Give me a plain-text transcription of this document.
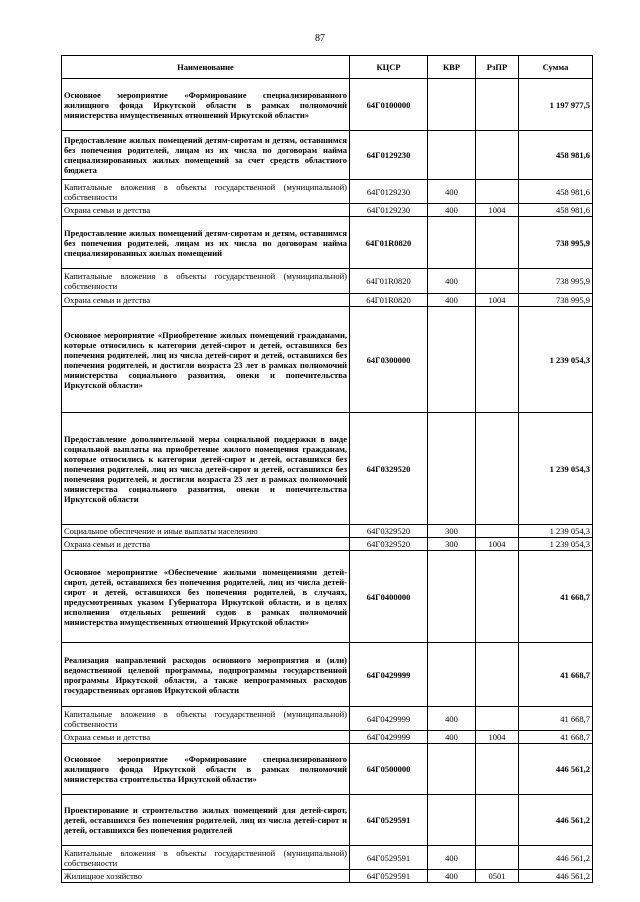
87
Наименование	КЦСР	КВР	РзПР	Сумма
Основное мероприятие «Формирование специализированного жилищного фонда Иркутской области в рамках полномочий министерства имущественных отношений Иркутской области»	64Г0100000			1 197 977,5
Предоставление жилых помещений детям-сиротам и детям, оставшимся без попечения родителей, лицам из их числа по договорам найма специализированных жилых помещений за счет средств областного бюджета	64Г0129230			458 981,6
Капитальные вложения в объекты государственной (муниципальной) собственности	64Г0129230	400		458 981,6
Охрана семьи и детства	64Г0129230	400	1004	458 981,6
Предоставление жилых помещений детям-сиротам и детям, оставшимся без попечения родителей, лицам из их числа по договорам найма специализированных жилых помещений	64Г01R0820			738 995,9
Капитальные вложения в объекты государственной (муниципальной) собственности	64Г01R0820	400		738 995,9
Охрана семьи и детства	64Г01R0820	400	1004	738 995,9
Основное мероприятие «Приобретение жилых помещений гражданами, которые относились к категории детей-сирот и детей, оставшихся без попечения родителей, лиц из числа детей-сирот и детей, оставшихся без попечения родителей, и достигли возраста 23 лет в рамках полномочий министерства социального развития, опеки и попечительства Иркутской области»	64Г0300000			1 239 054,3
Предоставление дополнительной меры социальной поддержки в виде социальной выплаты на приобретение жилого помещения гражданам, которые относились к категории детей-сирот и детей, оставшихся без попечения родителей, лиц из числа детей-сирот и детей, оставшихся без попечения родителей, и достигли возраста 23 лет в рамках полномочий министерства социального развития, опеки и попечительства Иркутской области	64Г0329520			1 239 054,3
Социальное обеспечение и иные выплаты населению	64Г0329520	300		1 239 054,3
Охрана семьи и детства	64Г0329520	300	1004	1 239 054,3
Основное мероприятие «Обеспечение жилыми помещениями детей-сирот, детей, оставшихся без попечения родителей, лиц из числа детей-сирот и детей, оставшихся без попечения родителей, в случаях, предусмотренных указом Губернатора Иркутской области, и в целях исполнения отдельных решений судов в рамках полномочий министерства имущественных отношений Иркутской области»	64Г0400000			41 668,7
Реализация направлений расходов основного мероприятия и (или) ведомственной целевой программы, подпрограммы государственной программы Иркутской области, а также непрограммных расходов государственных органов Иркутской области	64Г0429999			41 668,7
Капитальные вложения в объекты государственной (муниципальной) собственности	64Г0429999	400		41 668,7
Охрана семьи и детства	64Г0429999	400	1004	41 668,7
Основное мероприятие «Формирование специализированного жилищного фонда Иркутской области в рамках полномочий министерства строительства Иркутской области»	64Г0500000			446 561,2
Проектирование и строительство жилых помещений для детей-сирот, детей, оставшихся без попечения родителей, лиц из числа детей-сирот и детей, оставшихся без попечения родителей	64Г0529591			446 561,2
Капитальные вложения в объекты государственной (муниципальной) собственности	64Г0529591	400		446 561,2
Жилищное хозяйство	64Г0529591	400	0501	446 561,2
